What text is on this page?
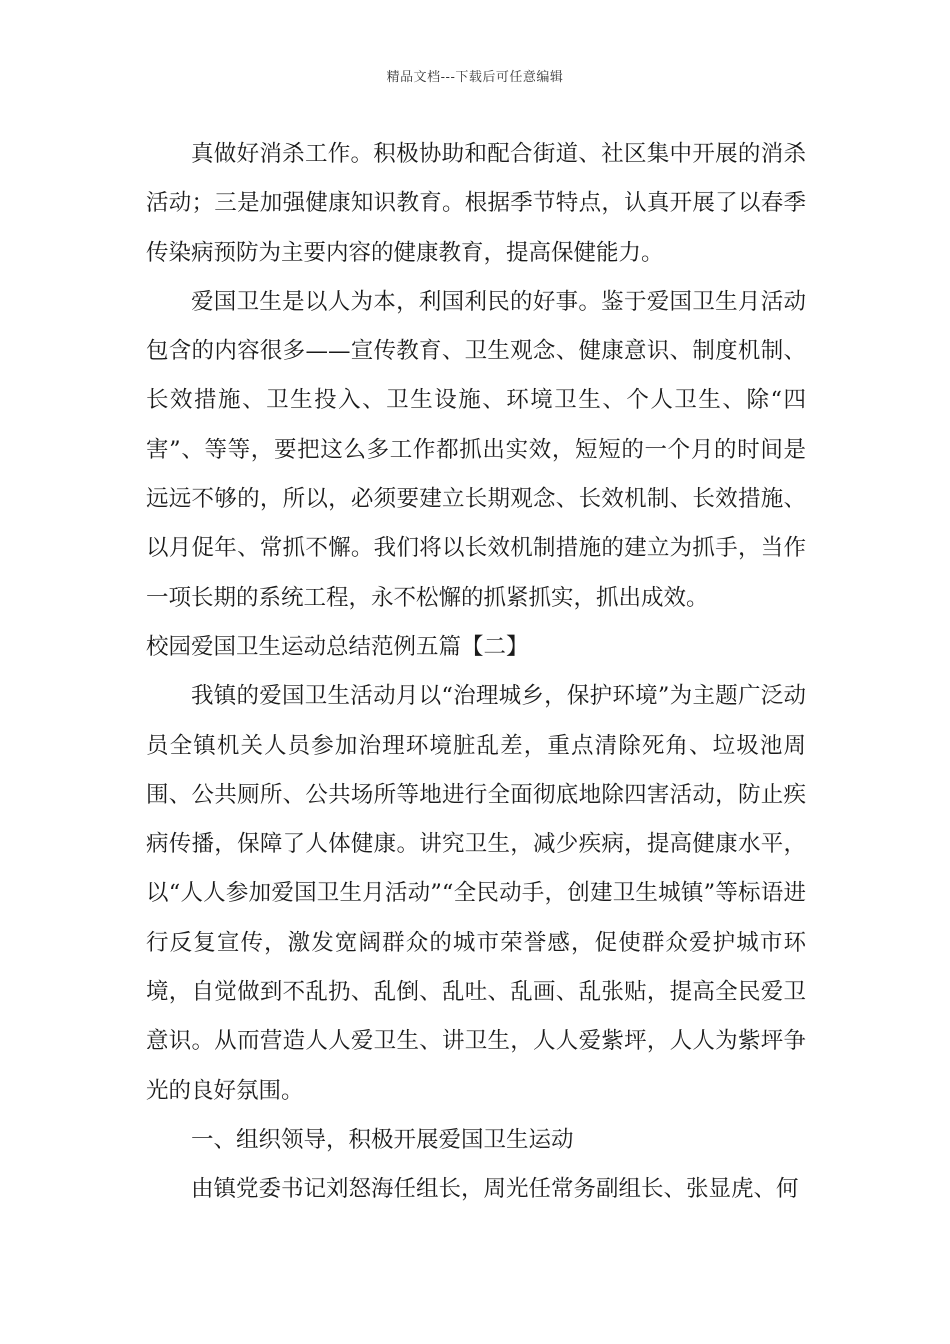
精品文档---下载后可任意编辑

真做好消杀工作。积极协助和配合街道、社区集中开展的消杀活动；三是加强健康知识教育。根据季节特点，认真开展了以春季传染病预防为主要内容的健康教育，提高保健能力。

爱国卫生是以人为本，利国利民的好事。鉴于爱国卫生月活动包含的内容很多——宣传教育、卫生观念、健康意识、制度机制、长效措施、卫生投入、卫生设施、环境卫生、个人卫生、除“四害”、等等，要把这么多工作都抓出实效，短短的一个月的时间是远远不够的，所以，必须要建立长期观念、长效机制、长效措施、以月促年、常抓不懈。我们将以长效机制措施的建立为抓手，当作一项长期的系统工程，永不松懈的抓紧抓实，抓出成效。

校园爱国卫生运动总结范例五篇【二】

我镇的爱国卫生活动月以“治理城乡，保护环境”为主题广泛动员全镇机关人员参加治理环境脏乱差，重点清除死角、垃圾池周围、公共厕所、公共场所等地进行全面彻底地除四害活动，防止疾病传播，保障了人体健康。讲究卫生，减少疾病，提高健康水平，以“人人参加爱国卫生月活动”“全民动手，创建卫生城镇”等标语进行反复宣传，激发宽阔群众的城市荣誉感，促使群众爱护城市环境，自觉做到不乱扔、乱倒、乱吐、乱画、乱张贴，提高全民爱卫意识。从而营造人人爱卫生、讲卫生，人人爱紫坪，人人为紫坪争光的良好氛围。

一、组织领导，积极开展爱国卫生运动

由镇党委书记刘怒海任组长，周光任常务副组长、张显虎、何
